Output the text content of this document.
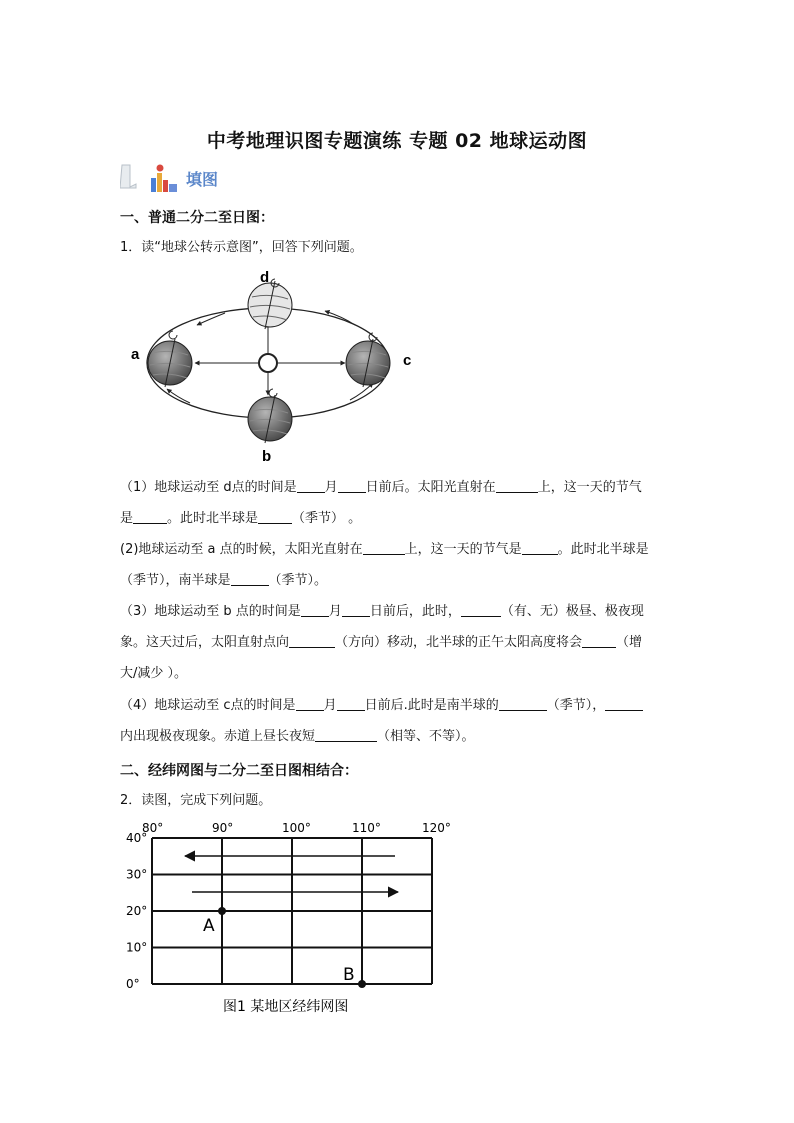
中考地理识图专题演练 专题 02 地球运动图
填图
一、普通二分二至日图：
1．读“地球公转示意图”，回答下列问题。
a	c
d
b
（1）地球运动至 d点的时间是 月 日前后。太阳光直射在	上，这一天的节气
是	。此时北半球是	（季节） 。
(2)地球运动至 a 点的时候，太阳光直射在	上，这一天的节气是	。此时北半球是
（季节），南半球是	（季节）。
（3）地球运动至 b 点的时间是 月 日前后，此时，	（有、无）极昼、极夜现
象。这天过后，太阳直射点向	（方向）移动，北半球的正午太阳高度将会	（增
大/减少 ）。
（4）地球运动至 c点的时间是 月 日前后.此时是南半球的	（季节），
内出现极夜现象。赤道上昼长夜短	（相等、不等）。
二、经纬网图与二分二至日图相结合：
2．读图，完成下列问题。
80°	90°	100°	110°	120°
40°
30°
20°
10°
0°
A
B
图1 某地区经纬网图
